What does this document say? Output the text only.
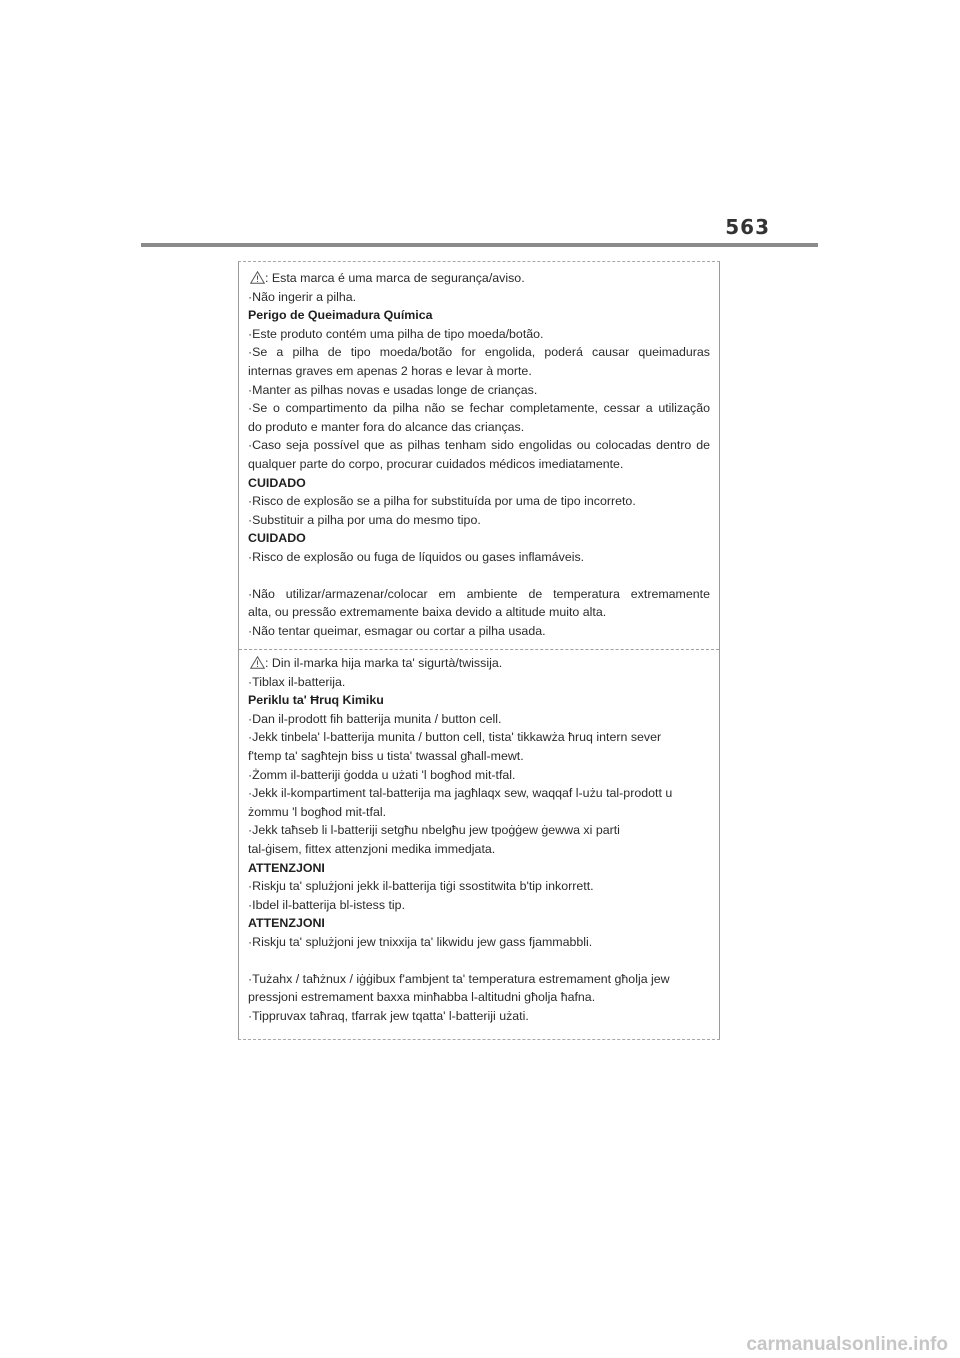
563
: Esta marca é uma marca de segurança/aviso.
·Não ingerir a pilha.
Perigo de Queimadura Química
·Este produto contém uma pilha de tipo moeda/botão.
·Se a pilha de tipo moeda/botão for engolida, poderá causar queimaduras
internas graves em apenas 2 horas e levar à morte.
·Manter as pilhas novas e usadas longe de crianças.
·Se o compartimento da pilha não se fechar completamente, cessar a utilização
do produto e manter fora do alcance das crianças.
·Caso seja possível que as pilhas tenham sido engolidas ou colocadas dentro de
qualquer parte do corpo, procurar cuidados médicos imediatamente.
CUIDADO
·Risco de explosão se a pilha for substituída por uma de tipo incorreto.
·Substituir a pilha por uma do mesmo tipo.
CUIDADO
·Risco de explosão ou fuga de líquidos ou gases inflamáveis.
·Não utilizar/armazenar/colocar em ambiente de temperatura extremamente
alta, ou pressão extremamente baixa devido a altitude muito alta.
·Não tentar queimar, esmagar ou cortar a pilha usada.
: Din il-marka hija marka ta' sigurtà/twissija.
·Tiblax il-batterija.
Periklu ta' Ħruq Kimiku
·Dan il-prodott fih batterija munita / button cell.
·Jekk tinbela' l-batterija munita / button cell, tista' tikkawża ħruq intern sever
f'temp ta' sagħtejn biss u tista' twassal għall-mewt.
·Żomm il-batteriji ġodda u użati 'l bogħod mit-tfal.
·Jekk il-kompartiment tal-batterija ma jagħlaqx sew, waqqaf l-użu tal-prodott u
żommu 'l bogħod mit-tfal.
·Jekk taħseb li l-batteriji setgħu nbelgħu jew tpoġġew ġewwa xi parti
tal-ġisem, fittex attenzjoni medika immedjata.
ATTENZJONI
·Riskju ta' splużjoni jekk il-batterija tiġi ssostitwita b'tip inkorrett.
·Ibdel il-batterija bl-istess tip.
ATTENZJONI
·Riskju ta' splużjoni jew tnixxija ta' likwidu jew gass fjammabbli.
·Tużahx / taħżnux / iġġibux f'ambjent ta' temperatura estremament għolja jew
pressjoni estremament baxxa minħabba l-altitudni għolja ħafna.
·Tippruvax taħraq, tfarrak jew tqatta' l-batteriji użati.
carmanualsonline.info
